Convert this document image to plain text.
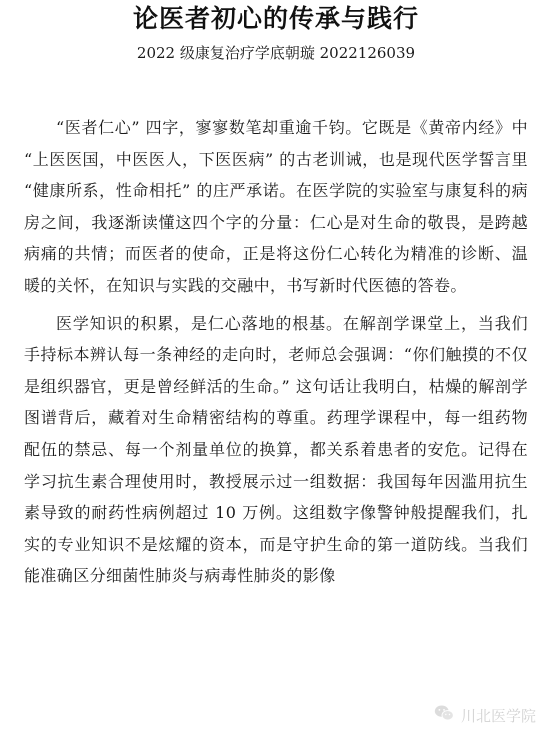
论医者初心的传承与践行
2022 级康复治疗学底朝璇 2022126039

“医者仁心” 四字，寥寥数笔却重逾千钧。它既是《黄帝内经》中 “上医医国，中医医人，下医医病” 的古老训诫，也是现代医学誓言里 “健康所系，性命相托” 的庄严承诺。在医学院的实验室与康复科的病房之间，我逐渐读懂这四个字的分量：仁心是对生命的敬畏，是跨越病痛的共情；而医者的使命，正是将这份仁心转化为精准的诊断、温暖的关怀，在知识与实践的交融中，书写新时代医德的答卷。

医学知识的积累，是仁心落地的根基。在解剖学课堂上，当我们手持标本辨认每一条神经的走向时，老师总会强调：“你们触摸的不仅是组织器官，更是曾经鲜活的生命。” 这句话让我明白，枯燥的解剖学图谱背后，藏着对生命精密结构的尊重。药理学课程中，每一组药物配伍的禁忌、每一个剂量单位的换算，都关系着患者的安危。记得在学习抗生素合理使用时，教授展示过一组数据：我国每年因滥用抗生素导致的耐药性病例超过 10 万例。这组数字像警钟般提醒我们，扎实的专业知识不是炫耀的资本，而是守护生命的第一道防线。当我们能准确区分细菌性肺炎与病毒性肺炎的影像

川北医学院
